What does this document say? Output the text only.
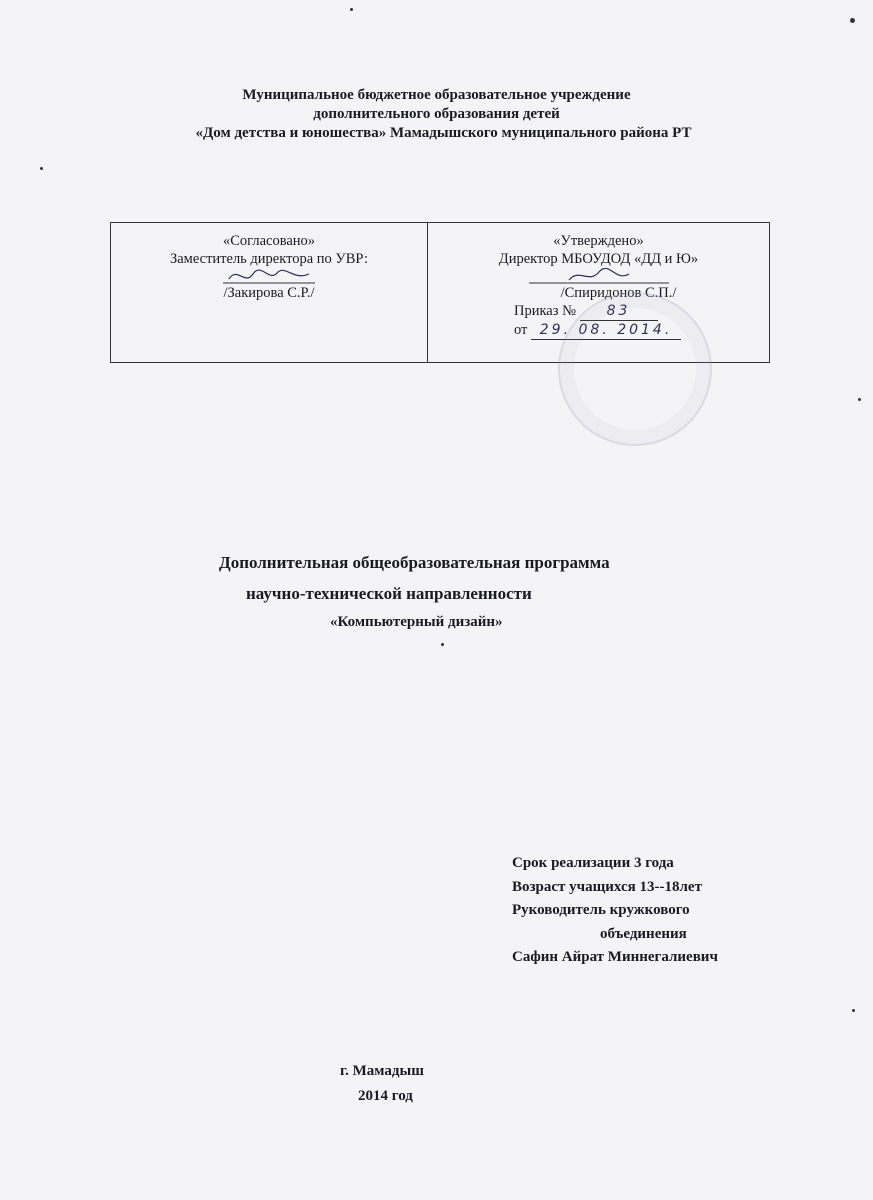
Муниципальное бюджетное образовательное учреждение
дополнительного образования детей
«Дом детства и юношества» Мамадышского муниципального района РТ
«Согласовано»
Заместитель директора по УВР:
/Закирова С.Р./

«Утверждено»
Директор МБОУДОД «ДД и Ю»
/Спиридонов С.П./
Приказ № 83
от 29. 08. 2014.
Дополнительная общеобразовательная программа
научно-технической направленности
«Компьютерный дизайн»
Срок реализации 3 года
Возраст учащихся 13--18лет
Руководитель кружкового
объединения
Сафин Айрат Миннегалиевич
г. Мамадыш
2014 год
